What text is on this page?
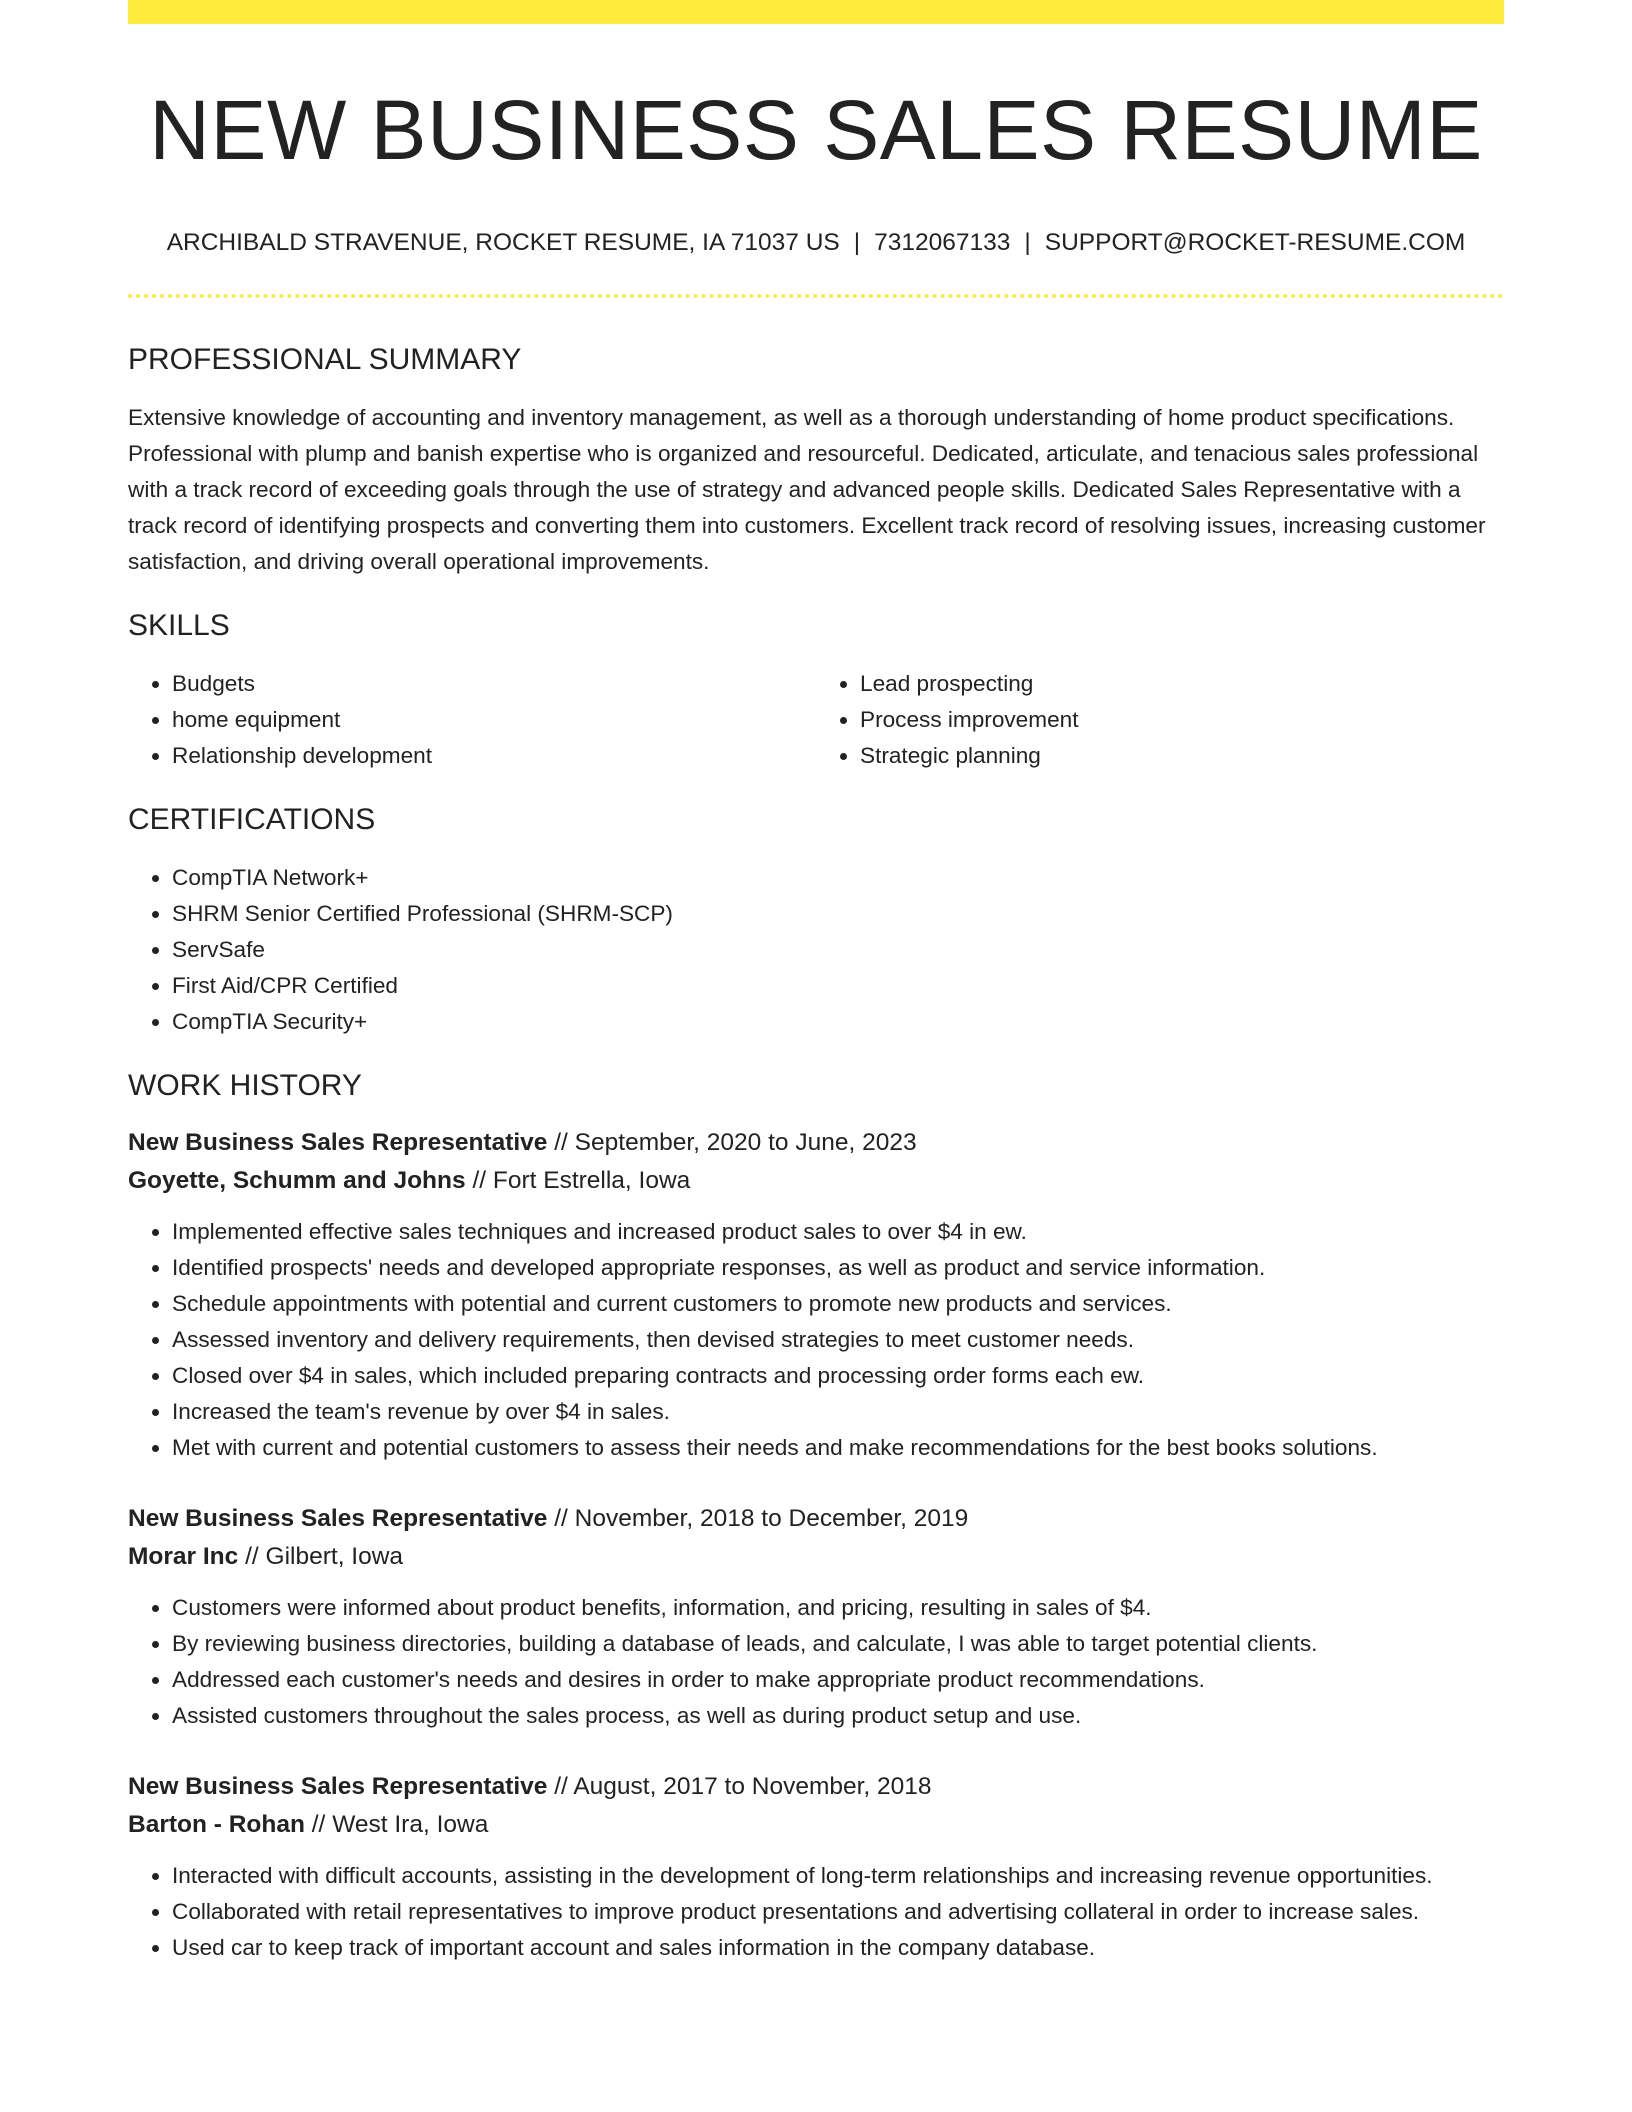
NEW BUSINESS SALES RESUME
ARCHIBALD STRAVENUE, ROCKET RESUME, IA 71037 US | 7312067133 | SUPPORT@ROCKET-RESUME.COM
PROFESSIONAL SUMMARY

Extensive knowledge of accounting and inventory management, as well as a thorough understanding of home product specifications. Professional with plump and banish expertise who is organized and resourceful. Dedicated, articulate, and tenacious sales professional with a track record of exceeding goals through the use of strategy and advanced people skills. Dedicated Sales Representative with a track record of identifying prospects and converting them into customers. Excellent track record of resolving issues, increasing customer satisfaction, and driving overall operational improvements.

SKILLS
• Budgets
• home equipment
• Relationship development
• Lead prospecting
• Process improvement
• Strategic planning
CERTIFICATIONS
• CompTIA Network+
• SHRM Senior Certified Professional (SHRM-SCP)
• ServSafe
• First Aid/CPR Certified
• CompTIA Security+
WORK HISTORY
New Business Sales Representative // September, 2020 to June, 2023
Goyette, Schumm and Johns // Fort Estrella, Iowa
• Implemented effective sales techniques and increased product sales to over $4 in ew.
• Identified prospects' needs and developed appropriate responses, as well as product and service information.
• Schedule appointments with potential and current customers to promote new products and services.
• Assessed inventory and delivery requirements, then devised strategies to meet customer needs.
• Closed over $4 in sales, which included preparing contracts and processing order forms each ew.
• Increased the team's revenue by over $4 in sales.
• Met with current and potential customers to assess their needs and make recommendations for the best books solutions.
New Business Sales Representative // November, 2018 to December, 2019
Morar Inc // Gilbert, Iowa
• Customers were informed about product benefits, information, and pricing, resulting in sales of $4.
• By reviewing business directories, building a database of leads, and calculate, I was able to target potential clients.
• Addressed each customer's needs and desires in order to make appropriate product recommendations.
• Assisted customers throughout the sales process, as well as during product setup and use.
New Business Sales Representative // August, 2017 to November, 2018
Barton - Rohan // West Ira, Iowa
• Interacted with difficult accounts, assisting in the development of long-term relationships and increasing revenue opportunities.
• Collaborated with retail representatives to improve product presentations and advertising collateral in order to increase sales.
• Used car to keep track of important account and sales information in the company database.
